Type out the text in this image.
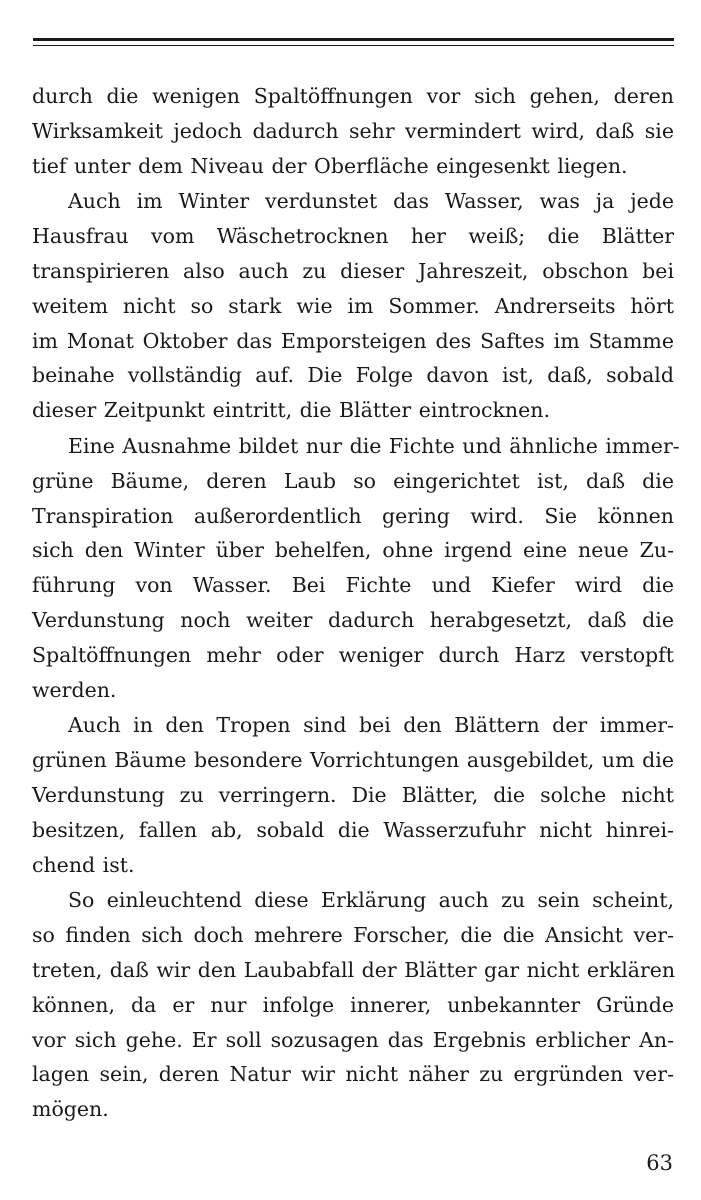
durch die wenigen Spaltöffnungen vor sich gehen, deren
Wirksamkeit jedoch dadurch sehr vermindert wird, daß sie
tief unter dem Niveau der Oberfläche eingesenkt liegen.

Auch im Winter verdunstet das Wasser, was ja jede
Hausfrau vom Wäschetrocknen her weiß; die Blätter
transpirieren also auch zu dieser Jahreszeit, obschon bei
weitem nicht so stark wie im Sommer. Andrerseits hört
im Monat Oktober das Emporsteigen des Saftes im Stamme
beinahe vollständig auf. Die Folge davon ist, daß, sobald
dieser Zeitpunkt eintritt, die Blätter eintrocknen.

Eine Ausnahme bildet nur die Fichte und ähnliche immer-
grüne Bäume, deren Laub so eingerichtet ist, daß die
Transpiration außerordentlich gering wird. Sie können
sich den Winter über behelfen, ohne irgend eine neue Zu-
führung von Wasser. Bei Fichte und Kiefer wird die
Verdunstung noch weiter dadurch herabgesetzt, daß die
Spaltöffnungen mehr oder weniger durch Harz verstopft
werden.

Auch in den Tropen sind bei den Blättern der immer-
grünen Bäume besondere Vorrichtungen ausgebildet, um die
Verdunstung zu verringern. Die Blätter, die solche nicht
besitzen, fallen ab, sobald die Wasserzufuhr nicht hinrei-
chend ist.

So einleuchtend diese Erklärung auch zu sein scheint,
so finden sich doch mehrere Forscher, die die Ansicht ver-
treten, daß wir den Laubabfall der Blätter gar nicht erklären
können, da er nur infolge innerer, unbekannter Gründe
vor sich gehe. Er soll sozusagen das Ergebnis erblicher An-
lagen sein, deren Natur wir nicht näher zu ergründen ver-
mögen.

63
